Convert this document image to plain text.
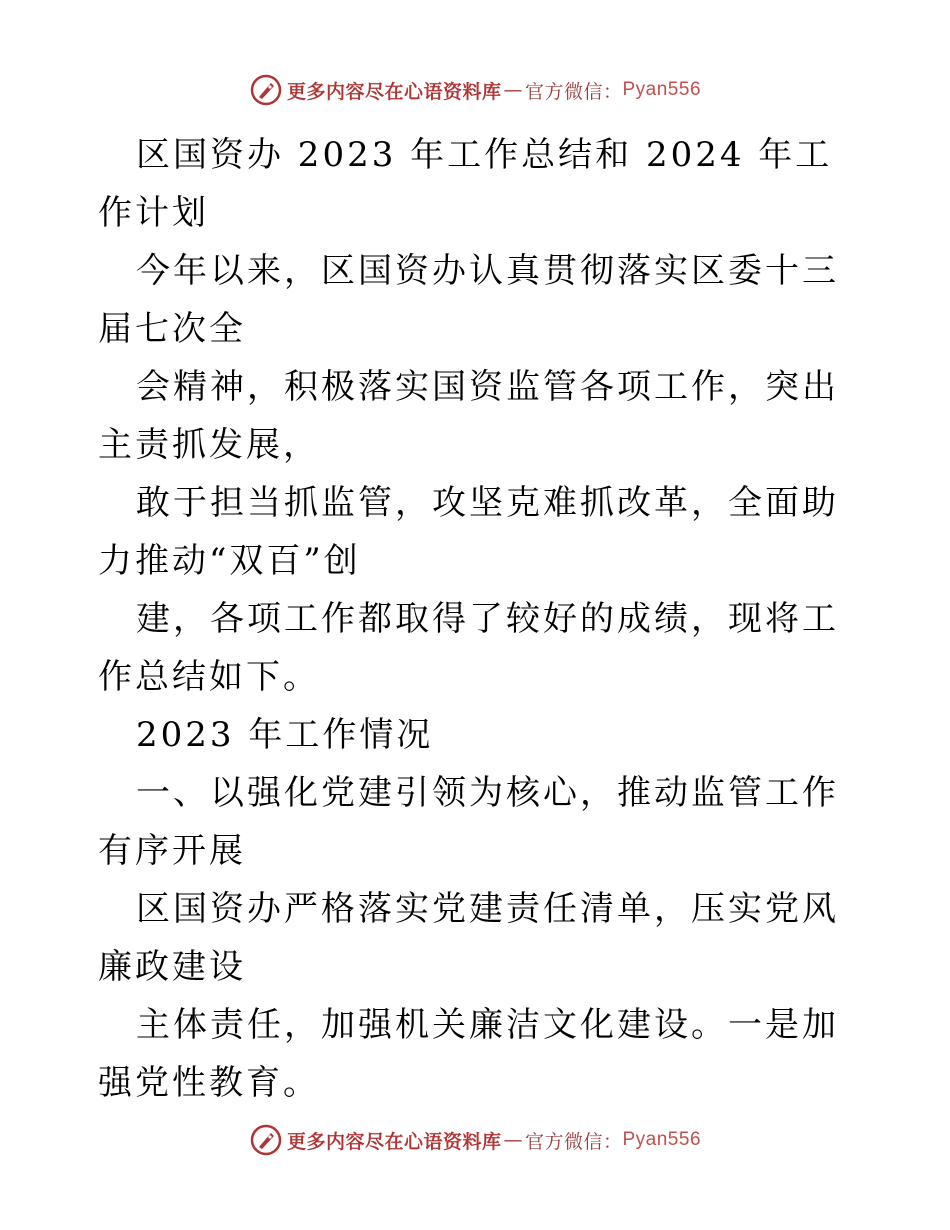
更多内容尽在心语资料库 — 官方微信： Pyan556

区国资办 2023 年工作总结和 2024 年工作计划

今年以来，区国资办认真贯彻落实区委十三届七次全

会精神，积极落实国资监管各项工作，突出主责抓发展，

敢于担当抓监管，攻坚克难抓改革，全面助力推动“双百”创

建，各项工作都取得了较好的成绩，现将工作总结如下。

2023 年工作情况

一、以强化党建引领为核心，推动监管工作有序开展

区国资办严格落实党建责任清单，压实党风廉政建设

主体责任，加强机关廉洁文化建设。一是加强党性教育。

更多内容尽在心语资料库 — 官方微信： Pyan556
